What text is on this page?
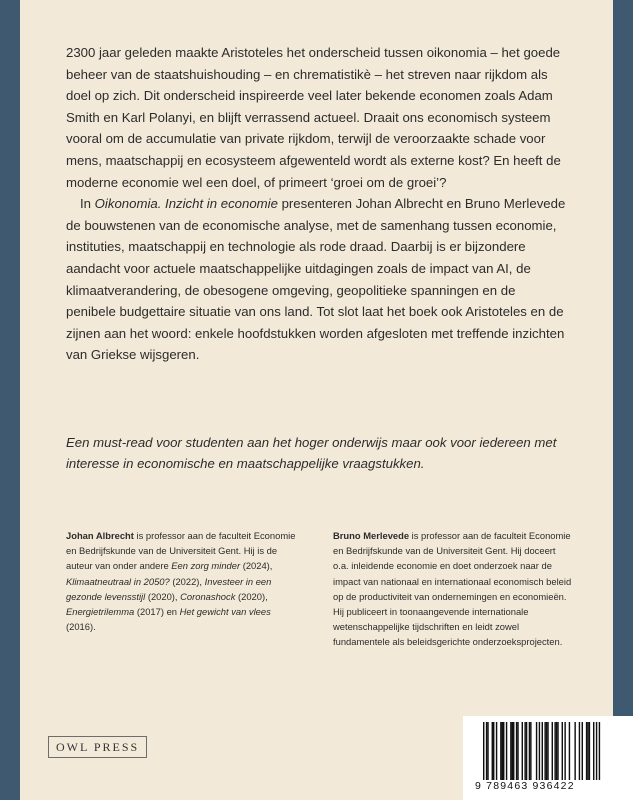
2300 jaar geleden maakte Aristoteles het onderscheid tussen oikonomia – het goede beheer van de staatshuishouding – en chrematistikè – het streven naar rijkdom als doel op zich. Dit onderscheid inspireerde veel later bekende economen zoals Adam Smith en Karl Polanyi, en blijft verrassend actueel. Draait ons economisch systeem vooral om de accumulatie van private rijkdom, terwijl de veroorzaakte schade voor mens, maatschappij en ecosysteem afgewenteld wordt als externe kost? En heeft de moderne economie wel een doel, of primeert ‘groei om de groei’?

In Oikonomia. Inzicht in economie presenteren Johan Albrecht en Bruno Merlevede de bouwstenen van de economische analyse, met de samenhang tussen economie, instituties, maatschappij en technologie als rode draad. Daarbij is er bijzondere aandacht voor actuele maatschappelijke uitdagingen zoals de impact van AI, de klimaatverandering, de obesogene omgeving, geopolitieke spanningen en de penibele budgettaire situatie van ons land. Tot slot laat het boek ook Aristoteles en de zijnen aan het woord: enkele hoofdstukken worden afgesloten met treffende inzichten van Griekse wijsgeren.

Een must-read voor studenten aan het hoger onderwijs maar ook voor iedereen met interesse in economische en maatschappelijke vraagstukken.

Johan Albrecht is professor aan de faculteit Economie en Bedrijfskunde van de Universiteit Gent. Hij is de auteur van onder andere Een zorg minder (2024), Klimaatneutraal in 2050? (2022), Investeer in een gezonde levensstijl (2020), Coronashock (2020), Energietrilemma (2017) en Het gewicht van vlees (2016).

Bruno Merlevede is professor aan de faculteit Economie en Bedrijfskunde van de Universiteit Gent. Hij doceert o.a. inleidende economie en doet onderzoek naar de impact van nationaal en internationaal economisch beleid op de productiviteit van ondernemingen en economieën. Hij publiceert in toonaangevende internationale wetenschappelijke tijdschriften en leidt zowel fundamentele als beleidsgerichte onderzoeksprojecten.

OWL PRESS
9 789463 936422
